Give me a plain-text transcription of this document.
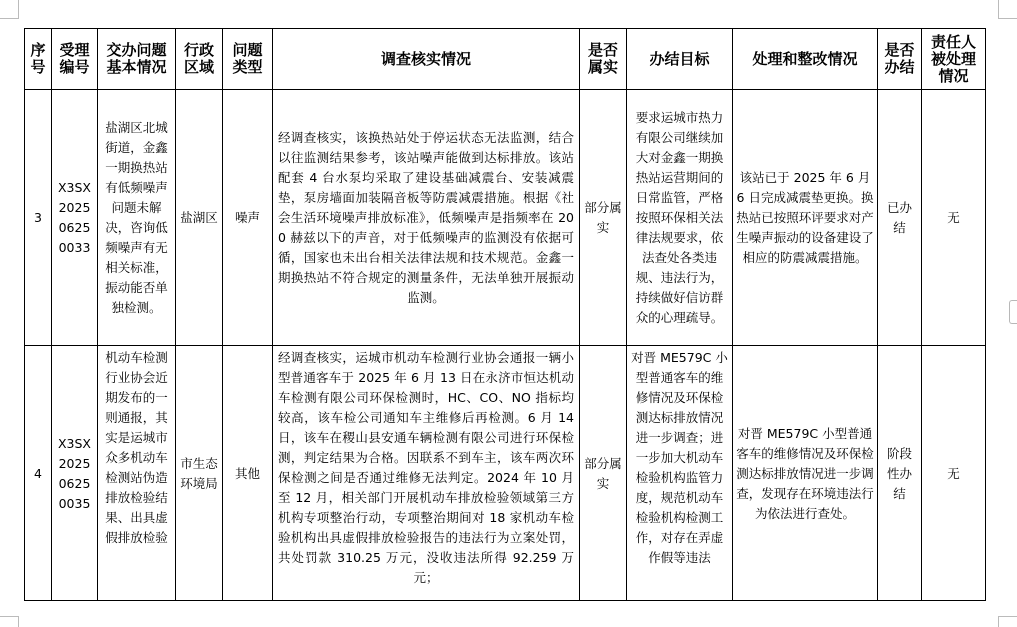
序号	受理编号	交办问题基本情况	行政区域	问题类型	调查核实情况	是否属实	办结目标	处理和整改情况	是否办结	责任人被处理情况
3	X3SX20250625 0033	盐湖区北城街道，金鑫一期换热站有低频噪声问题未解决，咨询低频噪声有无相关标准，振动能否单独检测。	盐湖区	噪声	经调查核实，该换热站处于停运状态无法监测，结合以往监测结果参考，该站噪声能做到达标排放。该站配套 4 台水泵均采取了建设基础减震台、安装减震垫，泵房墙面加装隔音板等防震减震措施。根据《社会生活环境噪声排放标准》，低频噪声是指频率在 200 赫兹以下的声音，对于低频噪声的监测没有依据可循，国家也未出台相关法律法规和技术规范。金鑫一期换热站不符合规定的测量条件，无法单独开展振动监测。	部分属实	要求运城市热力有限公司继续加大对金鑫一期换热站运营期间的日常监管，严格按照环保相关法律法规要求，依法查处各类违规、违法行为，持续做好信访群众的心理疏导。	该站已于 2025 年 6 月 6 日完成减震垫更换。换热站已按照环评要求对产生噪声振动的设备建设了相应的防震减震措施。	已办结	无
4	X3SX20250625 0035	机动车检测行业协会近期发布的一则通报，其实是运城市众多机动车检测站伪造排放检验结果、出具虚假排放检验	市生态环境局	其他	经调查核实，运城市机动车检测行业协会通报一辆小型普通客车于 2025 年 6 月 13 日在永济市恒达机动车检测有限公司环保检测时，HC、CO、NO 指标均较高，该车检公司通知车主维修后再检测。6 月 14 日，该车在稷山县安通车辆检测有限公司进行环保检测，判定结果为合格。因联系不到车主，该车两次环保检测之间是否通过维修无法判定。2024 年 10 月至 12 月，相关部门开展机动车排放检验领域第三方机构专项整治行动，专项整治期间对 18 家机动车检验机构出具虚假排放检验报告的违法行为立案处罚，共处罚款 310.25 万元，没收违法所得 92.259 万元；	部分属实	对晋 ME579C 小型普通客车的维修情况及环保检测达标排放情况进一步调查；进一步加大机动车检验机构监管力度，规范机动车检验机构检测工作，对存在弄虚作假等违法	对晋 ME579C 小型普通客车的维修情况及环保检测达标排放情况进一步调查，发现存在环境违法行为依法进行查处。	阶段性办结	无
